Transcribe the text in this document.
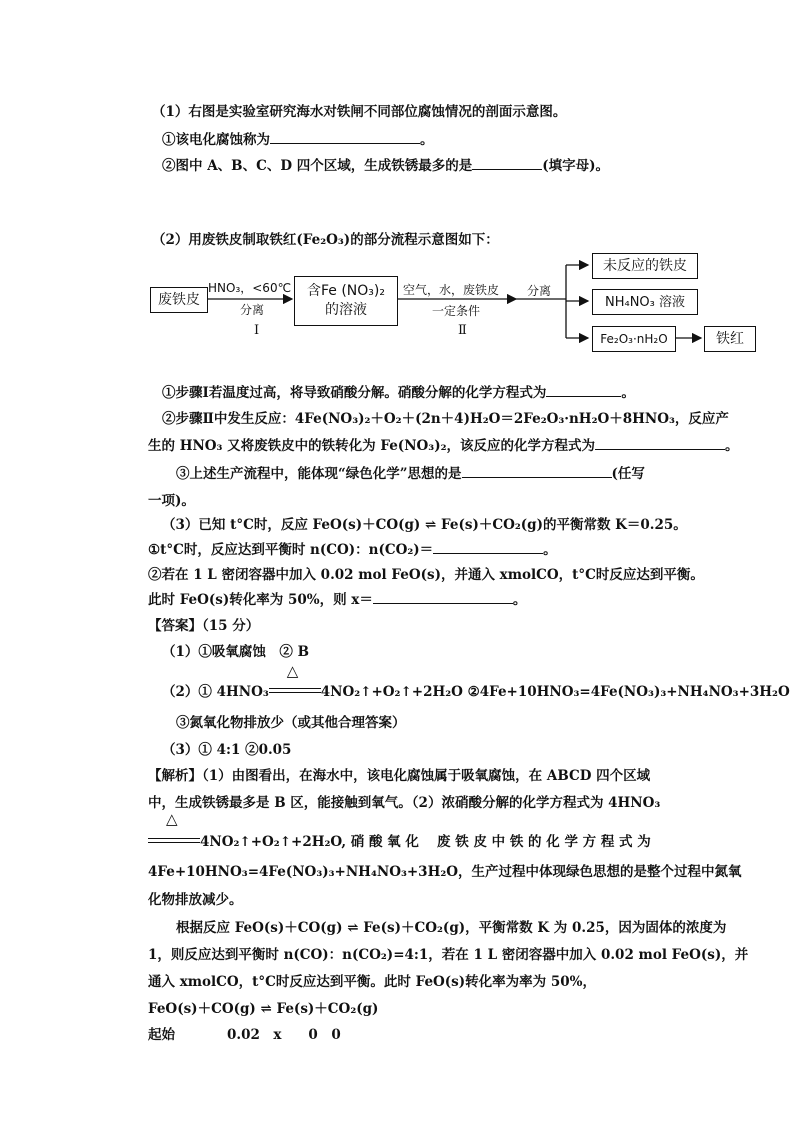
（1）右图是实验室研究海水对铁闸不同部位腐蚀情况的剖面示意图。
①该电化腐蚀称为	。
②图中 A、B、C、D 四个区域，生成铁锈最多的是	(填字母)。
（2）用废铁皮制取铁红(Fe₂O₃)的部分流程示意图如下：
废铁皮
HNO₃，<60℃
分离
Ⅰ
含Fe (NO₃)₂
的溶液
空气，水，废铁皮
一定条件
Ⅱ
分离
未反应的铁皮
NH₄NO₃ 溶液
Fe₂O₃·nH₂O	铁红
①步骤Ⅰ若温度过高，将导致硝酸分解。硝酸分解的化学方程式为	。
②步骤Ⅱ中发生反应：4Fe(NO₃)₂＋O₂＋(2n＋4)H₂O＝2Fe₂O₃·nH₂O＋8HNO₃，反应产
生的 HNO₃ 又将废铁皮中的铁转化为 Fe(NO₃)₂，该反应的化学方程式为	。
③上述生产流程中，能体现“绿色化学”思想的是	(任写
一项)。
（3）已知 t°C时，反应 FeO(s)＋CO(g) ⇌ Fe(s)＋CO₂(g)的平衡常数 K＝0.25。
①t°C时，反应达到平衡时 n(CO)：n(CO₂)＝	。
②若在 1 L 密闭容器中加入 0.02 mol FeO(s)，并通入 xmolCO，t°C时反应达到平衡。
此时 FeO(s)转化率为 50%，则 x＝	。
【答案】（15 分）
（1）①吸氧腐蚀　② B
（2）① 4HNO₃
△
4NO₂↑+O₂↑+2H₂O ②4Fe+10HNO₃=4Fe(NO₃)₃+NH₄NO₃+3H₂O
③氮氧化物排放少（或其他合理答案）
（3）① 4:1 ②0.05
【解析】（1）由图看出，在海水中，该电化腐蚀属于吸氧腐蚀，在 ABCD 四个区域
中，生成铁锈最多是 B 区，能接触到氧气。（2）浓硝酸分解的化学方程式为 4HNO₃
△
4NO₂↑+O₂↑+2H₂O, 硝 酸 氧 化　 废 铁 皮 中 铁 的 化 学 方 程 式 为
4Fe+10HNO₃=4Fe(NO₃)₃+NH₄NO₃+3H₂O，生产过程中体现绿色思想的是整个过程中氮氧
化物排放减少。
根据反应 FeO(s)＋CO(g) ⇌ Fe(s)＋CO₂(g)，平衡常数 K 为 0.25，因为固体的浓度为
1，则反应达到平衡时 n(CO)：n(CO₂)=4:1，若在 1 L 密闭容器中加入 0.02 mol FeO(s)，并
通入 xmolCO，t°C时反应达到平衡。此时 FeO(s)转化率为率为 50%，
FeO(s)＋CO(g) ⇌ Fe(s)＋CO₂(g)
起始	0.02　x　　0　0
